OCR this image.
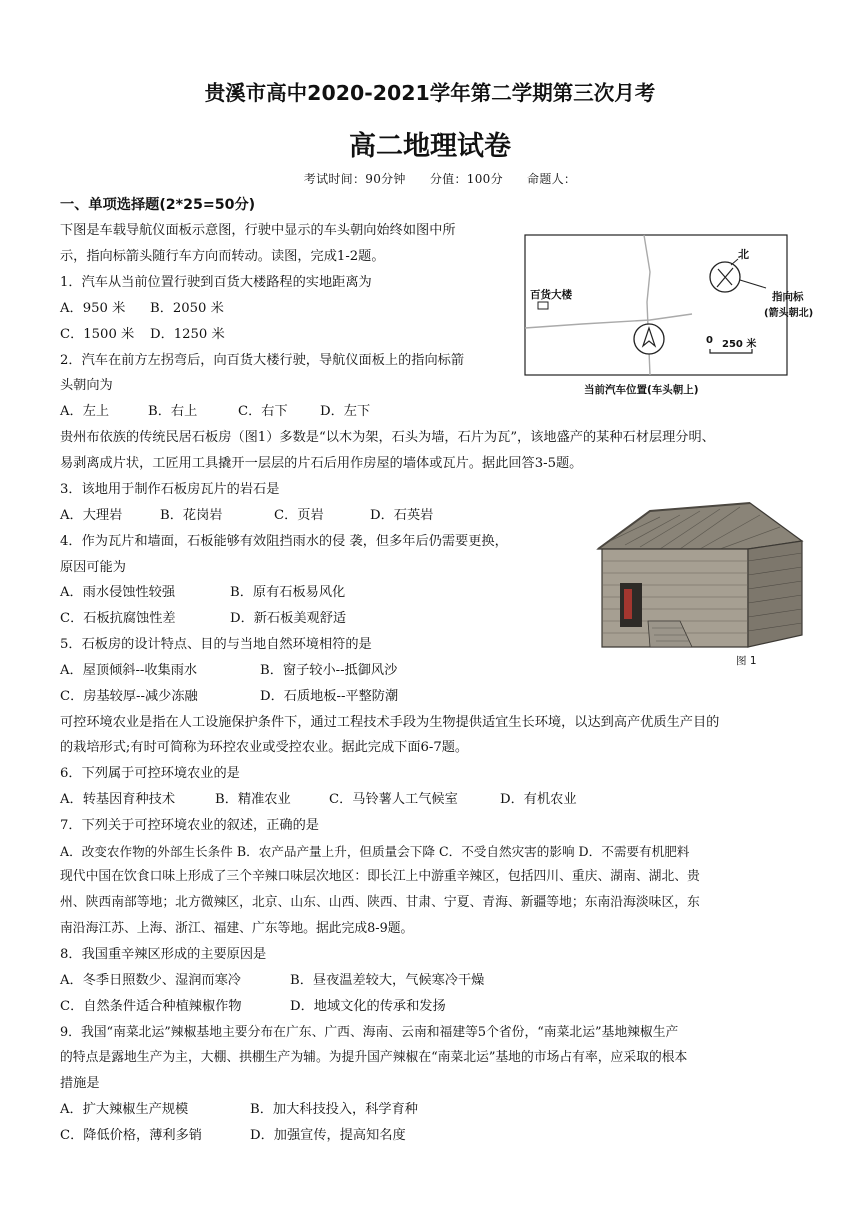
贵溪市高中2020-2021学年第二学期第三次月考
高二地理试卷
考试时间：90分钟 分值：100分 命题人：
一、单项选择题(2*25=50分)
下图是车载导航仪面板示意图，行驶中显示的车头朝向始终如图中所
示，指向标箭头随行车方向而转动。读图，完成1-2题。
1．汽车从当前位置行驶到百货大楼路程的实地距离为
A．950 米 B．2050 米
C．1500 米 D．1250 米
2．汽车在前方左拐弯后，向百货大楼行驶，导航仪面板上的指向标箭
头朝向为
A．左上	B．右上	C．右下 D．左下
北
百货大楼	指向标
(箭头朝北)
0 250 米
当前汽车位置(车头朝上)
贵州布依族的传统民居石板房（图1）多数是“以木为架，石头为墙，石片为瓦”，该地盛产的某种石材层理分明、
易剥离成片状，工匠用工具撬开一层层的片石后用作房屋的墙体或瓦片。据此回答3-5题。
3．该地用于制作石板房瓦片的岩石是
A．大理岩	B．花岗岩	C．页岩	D．石英岩
4．作为瓦片和墙面，石板能够有效阻挡雨水的侵 袭，但多年后仍需要更换，
原因可能为
A．雨水侵蚀性较强	B．原有石板易风化
C．石板抗腐蚀性差	D．新石板美观舒适
5．石板房的设计特点、目的与当地自然环境相符的是
A．屋顶倾斜--收集雨水	B．窗子较小--抵御风沙
C．房基较厚--减少冻融	D．石质地板--平整防潮
图 1
可控环境农业是指在人工设施保护条件下，通过工程技术手段为生物提供适宜生长环境，以达到高产优质生产目的
的栽培形式;有时可简称为环控农业或受控农业。据此完成下面6-7题。
6．下列属于可控环境农业的是
A．转基因育种技术	B．精准农业	C．马铃薯人工气候室	D．有机农业
7．下列关于可控环境农业的叙述，正确的是
A．改变农作物的外部生长条件 B．农产品产量上升，但质量会下降 C．不受自然灾害的影响 D．不需要有机肥料
现代中国在饮食口味上形成了三个辛辣口味层次地区：即长江上中游重辛辣区，包括四川、重庆、湖南、湖北、贵
州、陕西南部等地；北方微辣区，北京、山东、山西、陕西、甘肃、宁夏、青海、新疆等地；东南沿海淡味区，东
南沿海江苏、上海、浙江、福建、广东等地。据此完成8-9题。
8．我国重辛辣区形成的主要原因是
A．冬季日照数少、湿润而寒冷	B．昼夜温差较大，气候寒冷干燥
C．自然条件适合种植辣椒作物	D．地域文化的传承和发扬
9．我国“南菜北运”辣椒基地主要分布在广东、广西、海南、云南和福建等5个省份，“南菜北运”基地辣椒生产
的特点是露地生产为主，大棚、拱棚生产为辅。为提升国产辣椒在“南菜北运”基地的市场占有率，应采取的根本
措施是
A．扩大辣椒生产规模	B．加大科技投入，科学育种
C．降低价格，薄利多销	D．加强宣传，提高知名度
